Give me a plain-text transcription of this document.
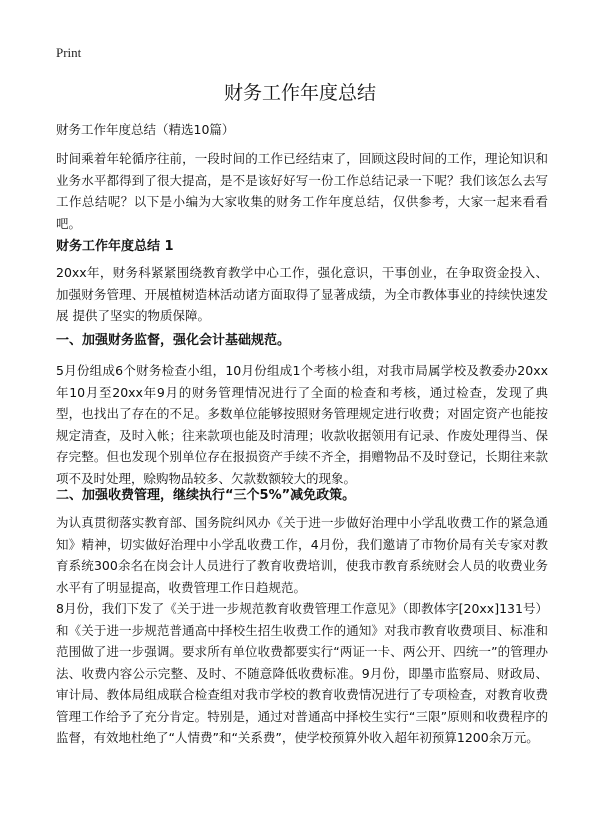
Print
财务工作年度总结
财务工作年度总结（精选10篇）

时间乘着年轮循序往前，一段时间的工作已经结束了，回顾这段时间的工作，理论知识和业务水平都得到了很大提高，是不是该好好写一份工作总结记录一下呢？我们该怎么去写工作总结呢？以下是小编为大家收集的财务工作年度总结，仅供参考，大家一起来看看吧。

财务工作年度总结 1

20xx年，财务科紧紧围绕教育教学中心工作，强化意识，干事创业，在争取资金投入、加强财务管理、开展植树造林活动诸方面取得了显著成绩，为全市教体事业的持续快速发展 提供了坚实的物质保障。

一、加强财务监督，强化会计基础规范。

5月份组成6个财务检查小组，10月份组成1个考核小组，对我市局属学校及教委办20xx年10月至20xx年9月的财务管理情况进行了全面的检查和考核，通过检查，发现了典型，也找出了存在的不足。多数单位能够按照财务管理规定进行收费；对固定资产也能按规定清查，及时入帐；往来款项也能及时清理；收款收据领用有记录、作废处理得当、保存完整。但也发现个别单位存在报损资产手续不齐全，捐赠物品不及时登记，长期往来款项不及时处理，赊购物品较多、欠款数额较大的现象。

二、加强收费管理，继续执行“三个5%”减免政策。

为认真贯彻落实教育部、国务院纠风办《关于进一步做好治理中小学乱收费工作的紧急通知》精神，切实做好治理中小学乱收费工作，4月份，我们邀请了市物价局有关专家对教育系统300余名在岗会计人员进行了教育收费培训，使我市教育系统财会人员的收费业务水平有了明显提高，收费管理工作日趋规范。

8月份，我们下发了《关于进一步规范教育收费管理工作意见》（即教体字[20xx]131号）和《关于进一步规范普通高中择校生招生收费工作的通知》对我市教育收费项目、标准和范围做了进一步强调。要求所有单位收费都要实行“两证一卡、两公开、四统一”的管理办法、收费内容公示完整、及时、不随意降低收费标准。9月份，即墨市监察局、财政局、审计局、教体局组成联合检查组对我市学校的教育收费情况进行了专项检查，对教育收费管理工作给予了充分肯定。特别是，通过对普通高中择校生实行“三限”原则和收费程序的 监督，有效地杜绝了“人情费”和“关系费”，使学校预算外收入超年初预算1200余万元。
